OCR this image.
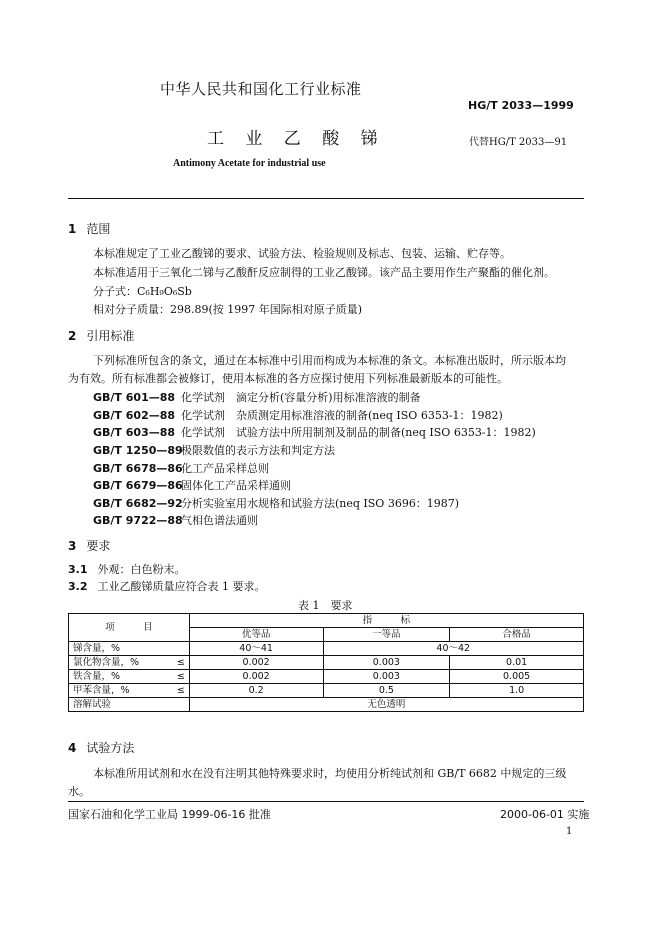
中华人民共和国化工行业标准
HG/T 2033—1999
工 业 乙 酸 锑	代替HG/T 2033—91
Antimony Acetate for industrial use
1 范围
本标准规定了工业乙酸锑的要求、试验方法、检验规则及标志、包装、运输、贮存等。
本标准适用于三氧化二锑与乙酸酐反应制得的工业乙酸锑。该产品主要用作生产聚酯的催化剂。
分子式：C₆H₉O₆Sb
相对分子质量：298.89(按 1997 年国际相对原子质量)
2 引用标准
下列标准所包含的条文，通过在本标准中引用而构成为本标准的条文。本标准出版时，所示版本均
为有效。所有标准都会被修订，使用本标准的各方应探讨使用下列标准最新版本的可能性。
GB/T 601—88 化学试剂　滴定分析(容量分析)用标准溶液的制备
GB/T 602—88 化学试剂　杂质测定用标准溶液的制备(neq ISO 6353-1：1982)
GB/T 603—88 化学试剂　试验方法中所用制剂及制品的制备(neq ISO 6353-1：1982)
GB/T 1250—89极限数值的表示方法和判定方法
GB/T 6678—86化工产品采样总则
GB/T 6679—86固体化工产品采样通则
GB/T 6682—92分析实验室用水规格和试验方法(neq ISO 3696：1987)
GB/T 9722—88气相色谱法通则
3 要求
3.1 外观：白色粉末。
3.2 工业乙酸锑质量应符合表 1 要求。
表 1　要求
项　　　目	指　　　标		
	优等品	一等品	合格品
锑含量，%	40～41	40～42	
氯化物含量，% ≤	0.002	0.003	0.01
铁含量，% ≤	0.002	0.003	0.005
甲苯含量，% ≤	0.2	0.5	1.0
溶解试验	无色透明		
4 试验方法
本标准所用试剂和水在没有注明其他特殊要求时，均使用分析纯试剂和 GB/T 6682 中规定的三级
水。
国家石油和化学工业局 1999-06-16 批准	2000-06-01 实施
1
